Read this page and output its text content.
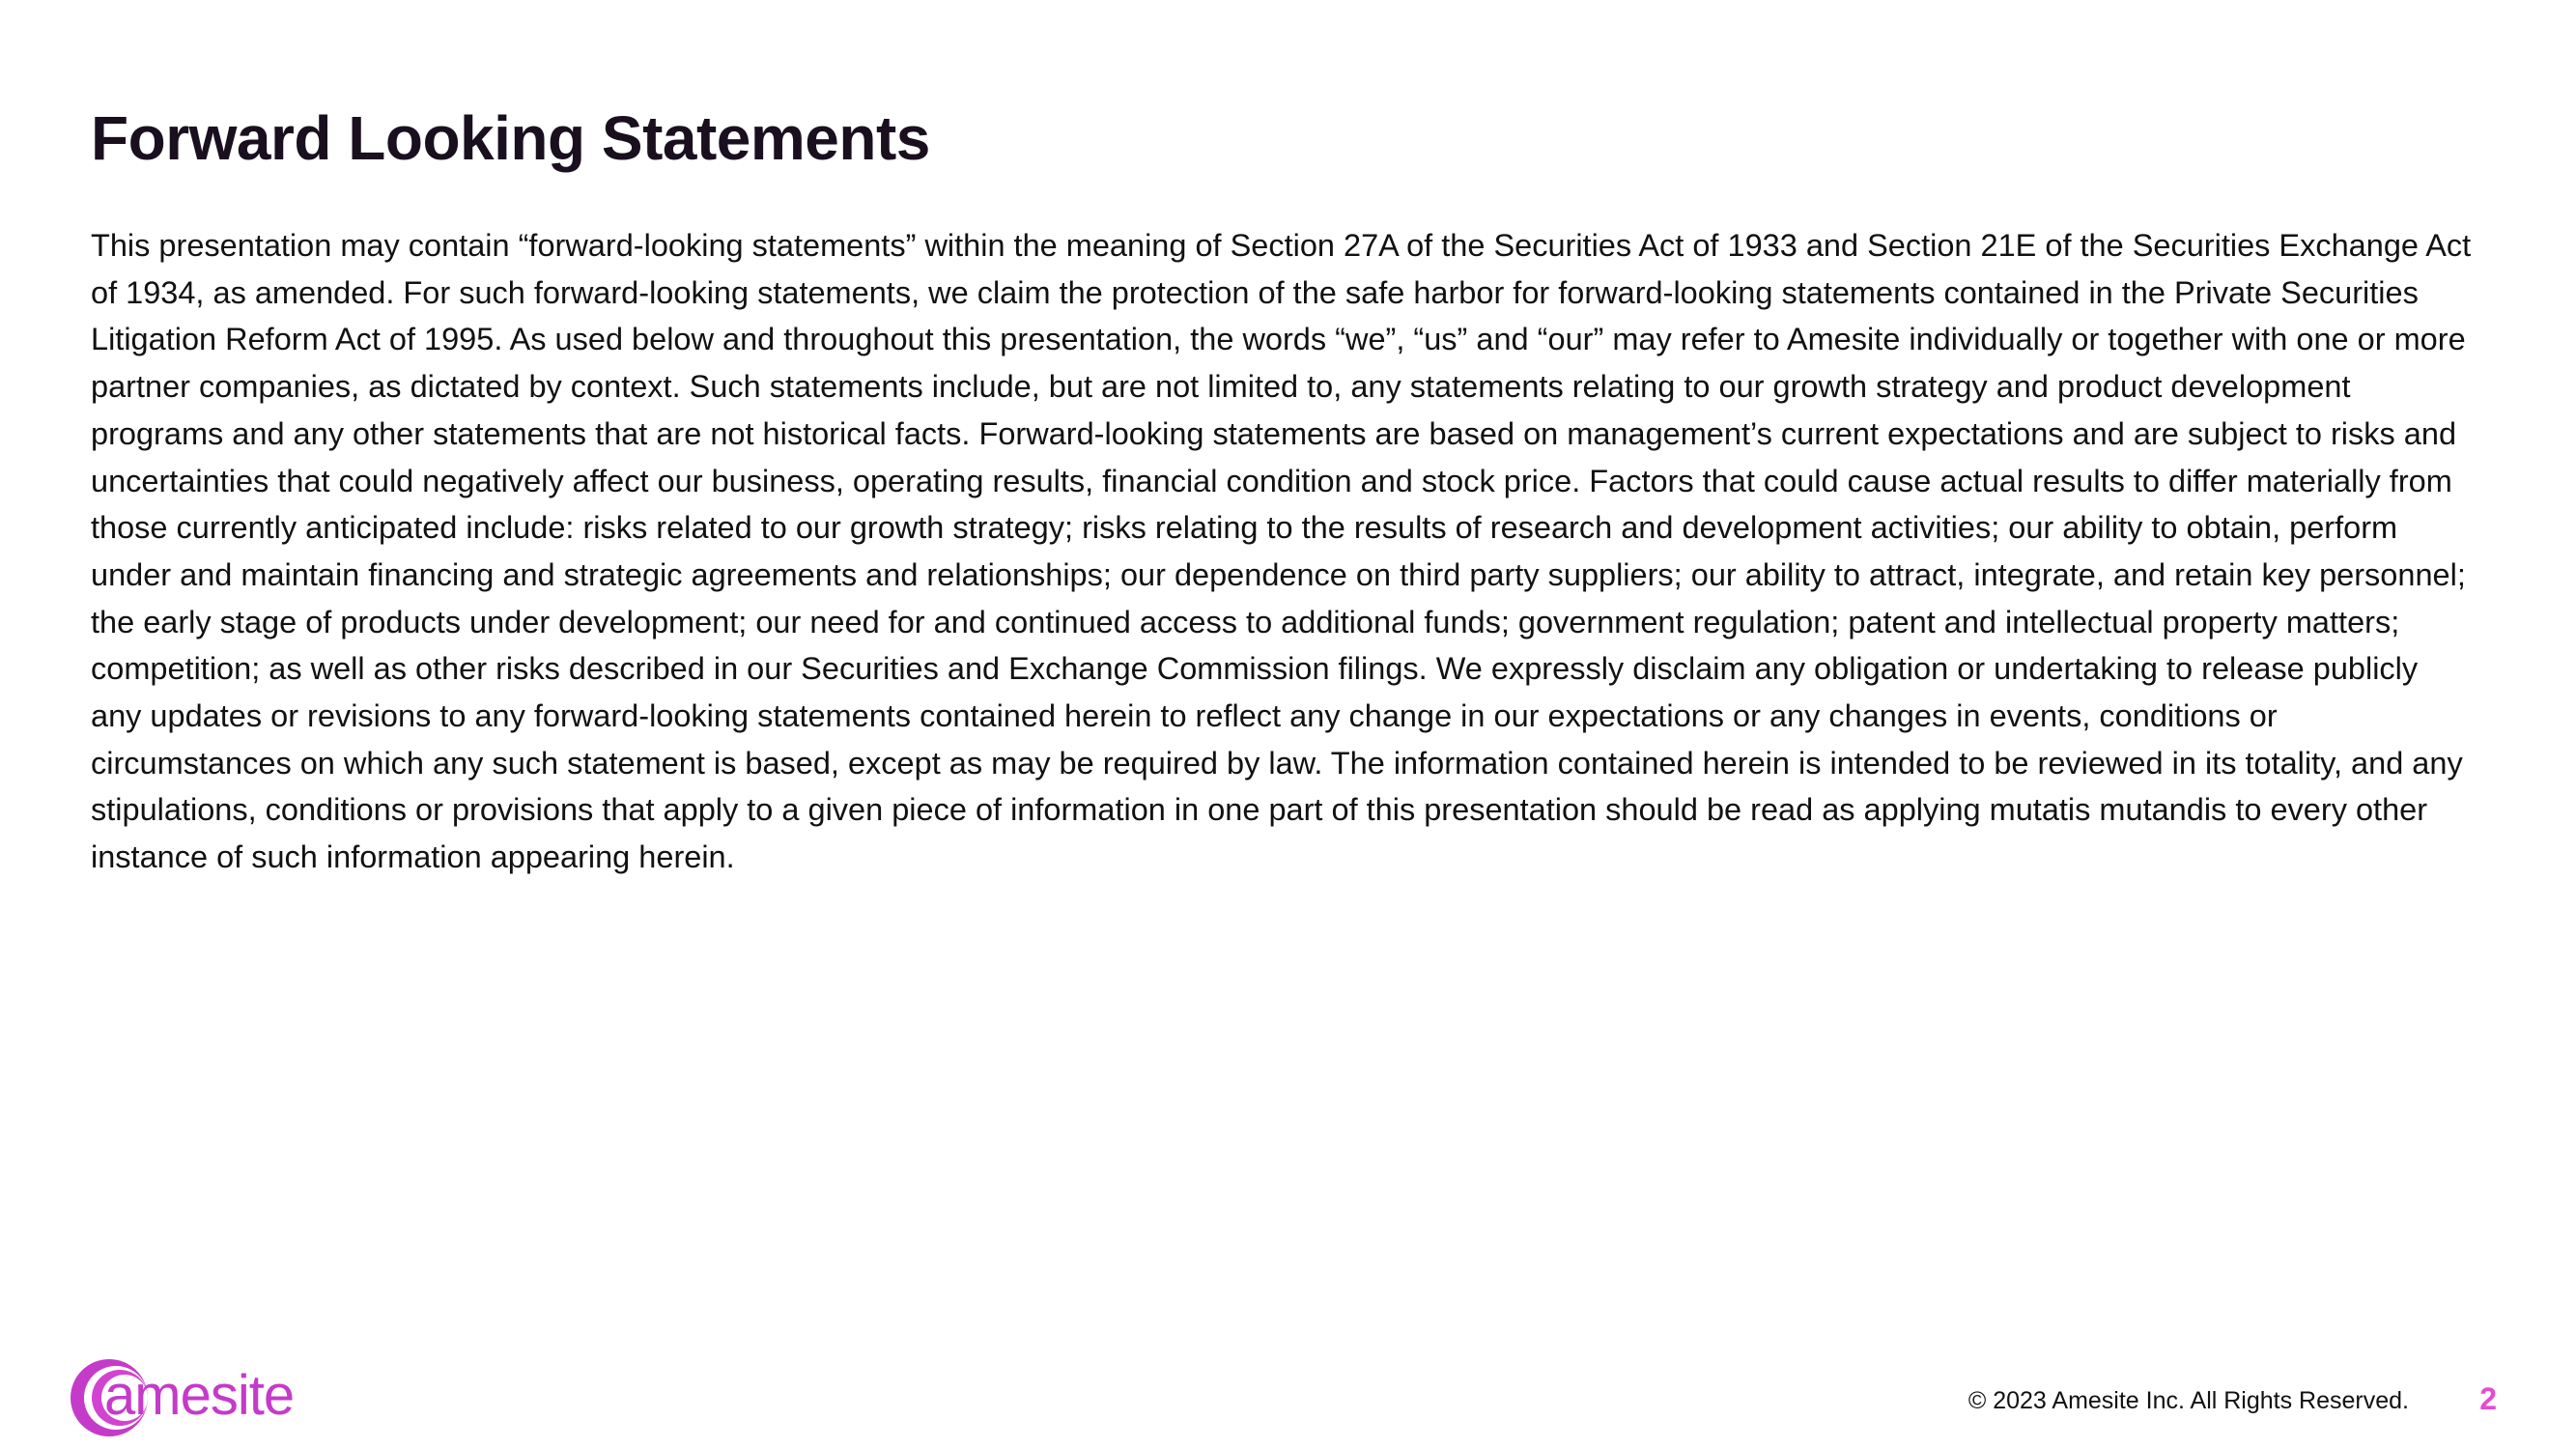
Forward Looking Statements

This presentation may contain “forward-looking statements” within the meaning of Section 27A of the Securities Act of 1933 and Section 21E of the Securities Exchange Act of 1934, as amended. For such forward-looking statements, we claim the protection of the safe harbor for forward-looking statements contained in the Private Securities Litigation Reform Act of 1995. As used below and throughout this presentation, the words “we”, “us” and “our” may refer to Amesite individually or together with one or more partner companies, as dictated by context. Such statements include, but are not limited to, any statements relating to our growth strategy and product development programs and any other statements that are not historical facts. Forward-looking statements are based on management’s current expectations and are subject to risks and uncertainties that could negatively affect our business, operating results, financial condition and stock price. Factors that could cause actual results to differ materially from those currently anticipated include: risks related to our growth strategy; risks relating to the results of research and development activities; our ability to obtain, perform under and maintain financing and strategic agreements and relationships; our dependence on third party suppliers; our ability to attract, integrate, and retain key personnel; the early stage of products under development; our need for and continued access to additional funds; government regulation; patent and intellectual property matters; competition; as well as other risks described in our Securities and Exchange Commission filings. We expressly disclaim any obligation or undertaking to release publicly any updates or revisions to any forward-looking statements contained herein to reflect any change in our expectations or any changes in events, conditions or circumstances on which any such statement is based, except as may be required by law. The information contained herein is intended to be reviewed in its totality, and any stipulations, conditions or provisions that apply to a given piece of information in one part of this presentation should be read as applying mutatis mutandis to every other instance of such information appearing herein.

amesite	© 2023 Amesite Inc. All Rights Reserved. 2
